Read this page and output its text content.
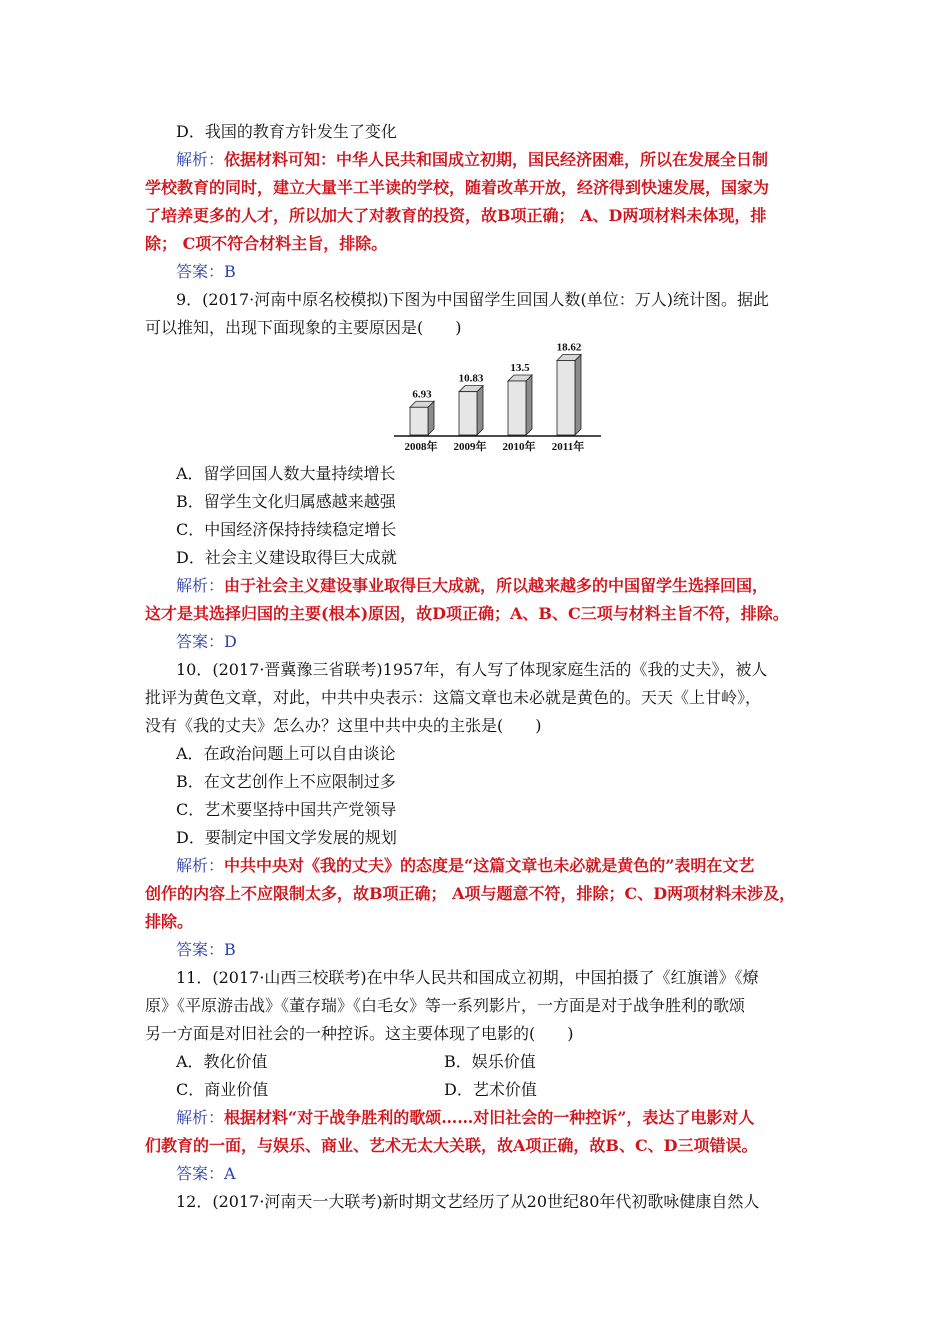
D．我国的教育方针发生了变化
解析：依据材料可知：中华人民共和国成立初期，国民经济困难，所以在发展全日制
学校教育的同时，建立大量半工半读的学校，随着改革开放，经济得到快速发展，国家为
了培养更多的人才，所以加大了对教育的投资，故B项正确； A、D两项材料未体现，排
除； C项不符合材料主旨，排除。
答案：B
9．(2017·河南中原名校模拟)下图为中国留学生回国人数(单位：万人)统计图。据此
可以推知，出现下面现象的主要原因是(　　)
6.93
2008年
10.83
2009年
13.5
2010年
18.62
2011年
A．留学回国人数大量持续增长
B．留学生文化归属感越来越强
C．中国经济保持持续稳定增长
D．社会主义建设取得巨大成就
解析：由于社会主义建设事业取得巨大成就，所以越来越多的中国留学生选择回国，
这才是其选择归国的主要(根本)原因，故D项正确；A、B、C三项与材料主旨不符，排除。
答案：D
10．(2017·晋冀豫三省联考)1957年，有人写了体现家庭生活的《我的丈夫》，被人
批评为黄色文章，对此，中共中央表示：这篇文章也未必就是黄色的。天天《上甘岭》，
没有《我的丈夫》怎么办？这里中共中央的主张是(　　)
A．在政治问题上可以自由谈论
B．在文艺创作上不应限制过多
C．艺术要坚持中国共产党领导
D．要制定中国文学发展的规划
解析：中共中央对《我的丈夫》的态度是“这篇文章也未必就是黄色的”表明在文艺
创作的内容上不应限制太多，故B项正确； A项与题意不符，排除；C、D两项材料未涉及，
排除。
答案：B
11．(2017·山西三校联考)在中华人民共和国成立初期，中国拍摄了《红旗谱》《燎
原》《平原游击战》《董存瑞》《白毛女》等一系列影片，一方面是对于战争胜利的歌颂
另一方面是对旧社会的一种控诉。这主要体现了电影的(　　)
A．教化价值	B．娱乐价值
C．商业价值	D．艺术价值
解析：根据材料“对于战争胜利的歌颂……对旧社会的一种控诉”，表达了电影对人
们教育的一面，与娱乐、商业、艺术无太大关联，故A项正确，故B、C、D三项错误。
答案：A
12．(2017·河南天一大联考)新时期文艺经历了从20世纪80年代初歌咏健康自然人
